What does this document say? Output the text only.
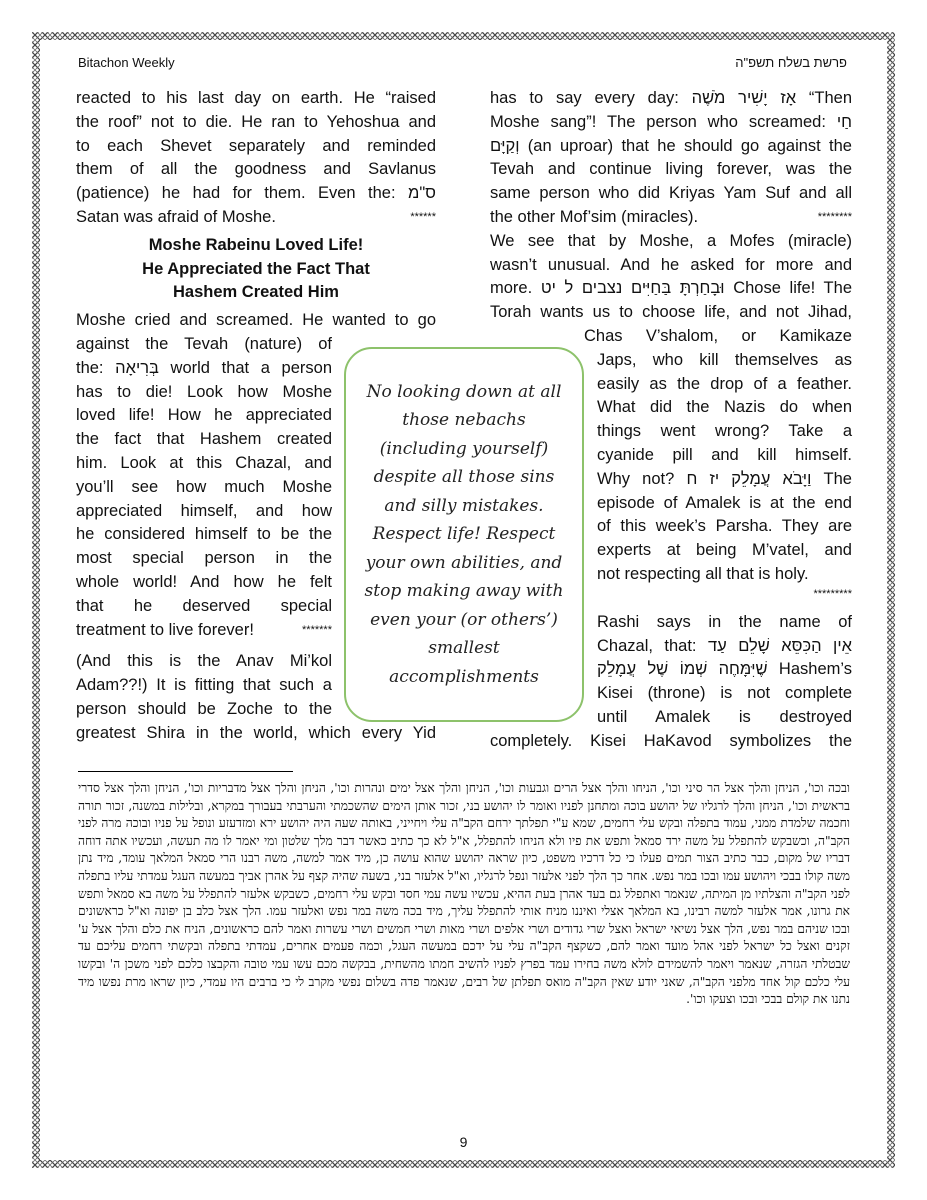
Bitachon Weekly	פרשת בשלח תשפ"ה

reacted to his last day on earth. He “raised

the roof” not to die. He ran to Yehoshua and

to each Shevet separately and reminded

them of all the goodness and Savlanus

(patience) he had for them. Even the: ס"מ

Satan was afraid of Moshe.	******

Moshe Rabeinu Loved Life!
He Appreciated the Fact That
Hashem Created Him

Moshe cried and screamed. He wanted to go

against the Tevah (nature) of

the: בְּרִיאָה world that a person

has to die! Look how Moshe

loved life! How he appreciated

the fact that Hashem created

him. Look at this Chazal, and

you’ll see how much Moshe

appreciated himself, and how

he considered himself to be the

most special person in the

whole world! And how he felt

that he deserved special

treatment to live forever!	*******

(And this is the Anav Mi’kol

Adam??!) It is fitting that such a

person should be Zoche to the

greatest Shira in the world, which every Yid

has to say every day: אָז יָשִׁיר מֹשֶׁה “Then

Moshe sang”! The person who screamed: חַי

וְקַיָּם (an uproar) that he should go against the

Tevah and continue living forever, was the

same person who did Kriyas Yam Suf and all

the other Mof’sim (miracles).	********

We see that by Moshe, a Mofes (miracle)

wasn’t unusual. And he asked for more and

more. וּבָחַרְתָּ בַּחַיִּים נצבים ל יט Chose life! The

Torah wants us to choose life, and not Jihad,

Chas V’shalom, or Kamikaze

Japs, who kill themselves as

easily as the drop of a feather.

What did the Nazis do when

things went wrong? Take a

cyanide pill and kill himself.

Why not? וַיָּבֹא עֲמָלֵק יז ח The

episode of Amalek is at the end

of this week’s Parsha. They are

experts at being M’vatel, and

not respecting all that is holy.

*********

Rashi says in the name of

Chazal, that: אֵין הַכִּסֵּא שָׁלֵם עַד

שֶׁיִּמָּחֶה שְׁמוֹ שֶׁל עֲמָלֵק Hashem’s

Kisei (throne) is not complete

until Amalek is destroyed

completely. Kisei HaKavod symbolizes the

No looking down at all those nebachs (including yourself) despite all those sins and silly mistakes. Respect life! Respect your own abilities, and stop making away with even your (or others’) smallest accomplishments
ובכה וכו', הניחן והלך אצל הר סיני וכו', הניחו והלך אצל הרים וגבעות וכו', הניחן והלך אצל ימים ונהרות וכו', הניחן והלך אצל מדבריות וכו', הניחן והלך אצל סדרי בראשית וכו', הניחן והלך לרגליו של יהושע בוכה ומתחנן לפניו ואומר לו יהושע בני, זכור אותן הימים שהשכמתי והערבתי בעבורך במקרא, ובלילות במשנה, זכור תורה וחכמה שלמדת ממני, עמוד בתפלה ובקש עלי רחמים, שמא ע"י תפלתך ירחם הקב"ה עלי ויחייני, באותה שעה היה יהושע ירא ומזדעזע ונופל על פניו ובוכה מרה לפני הקב"ה, וכשבקש להתפלל על משה ירד סמאל ותפש את פיו ולא הניחו להתפלל, א"ל לא כך כתיב כאשר דבר מלך שלטון ומי יאמר לו מה תעשה, ועכשיו אתה דוחה דבריו של מקום, כבר כתיב הצור תמים פעלו כי כל דרכיו משפט, כיון שראה יהושע שהוא עושה כן, מיד אמר למשה, משה רבנו הרי סמאל המלאך עומד, מיד נתן משה קולו בבכי ויהושע עמו ובכו במר נפש. אחר כך הלך לפני אלעזר ונפל לרגליו, וא"ל אלעזר בני, בשעה שהיה קצף על אהרן אביך במעשה העגל עמדתי עליו בתפלה לפני הקב"ה והצלתיו מן המיתה, שנאמר ואתפלל גם בעד אהרן בעת ההיא, עכשיו עשה עמי חסד ובקש עלי רחמים, כשבקש אלעזר להתפלל על משה בא סמאל ותפש את גרונו, אמר אלעזר למשה רבינו, בא המלאך אצלי ואיננו מניח אותי להתפלל עליך, מיד בכה משה במר נפש ואלעזר עמו. הלך אצל כלב בן יפונה וא"ל כראשונים ובכו שניהם במר נפש, הלך אצל נשיאי ישראל ואצל שרי גדודים ושרי אלפים ושרי מאות ושרי חמשים ושרי עשרות ואמר להם כראשונים, הניח את כלם והלך אצל ע' זקנים ואצל כל ישראל לפני אהל מועד ואמר להם, כשקצף הקב"ה עלי על ידכם במעשה העגל, וכמה פעמים אחרים, עמדתי בתפלה ובקשתי רחמים עליכם עד שבטלתי הגזרה, שנאמר ויאמר להשמידם לולא משה בחירו עמד בפרץ לפניו להשיב חמתו מהשחית, בבקשה מכם עשו עמי טובה והקבצו כלכם לפני משכן ה' ובקשו עלי כלכם קול אחד מלפני הקב"ה, שאני יודע שאין הקב"ה מואס תפלתן של רבים, שנאמר פדה בשלום נפשי מקרב לי כי ברבים היו עמדי, כיון שראו מרת נפשו מיד נתנו את קולם בבכי ובכו וצעקו וכו'.
9
